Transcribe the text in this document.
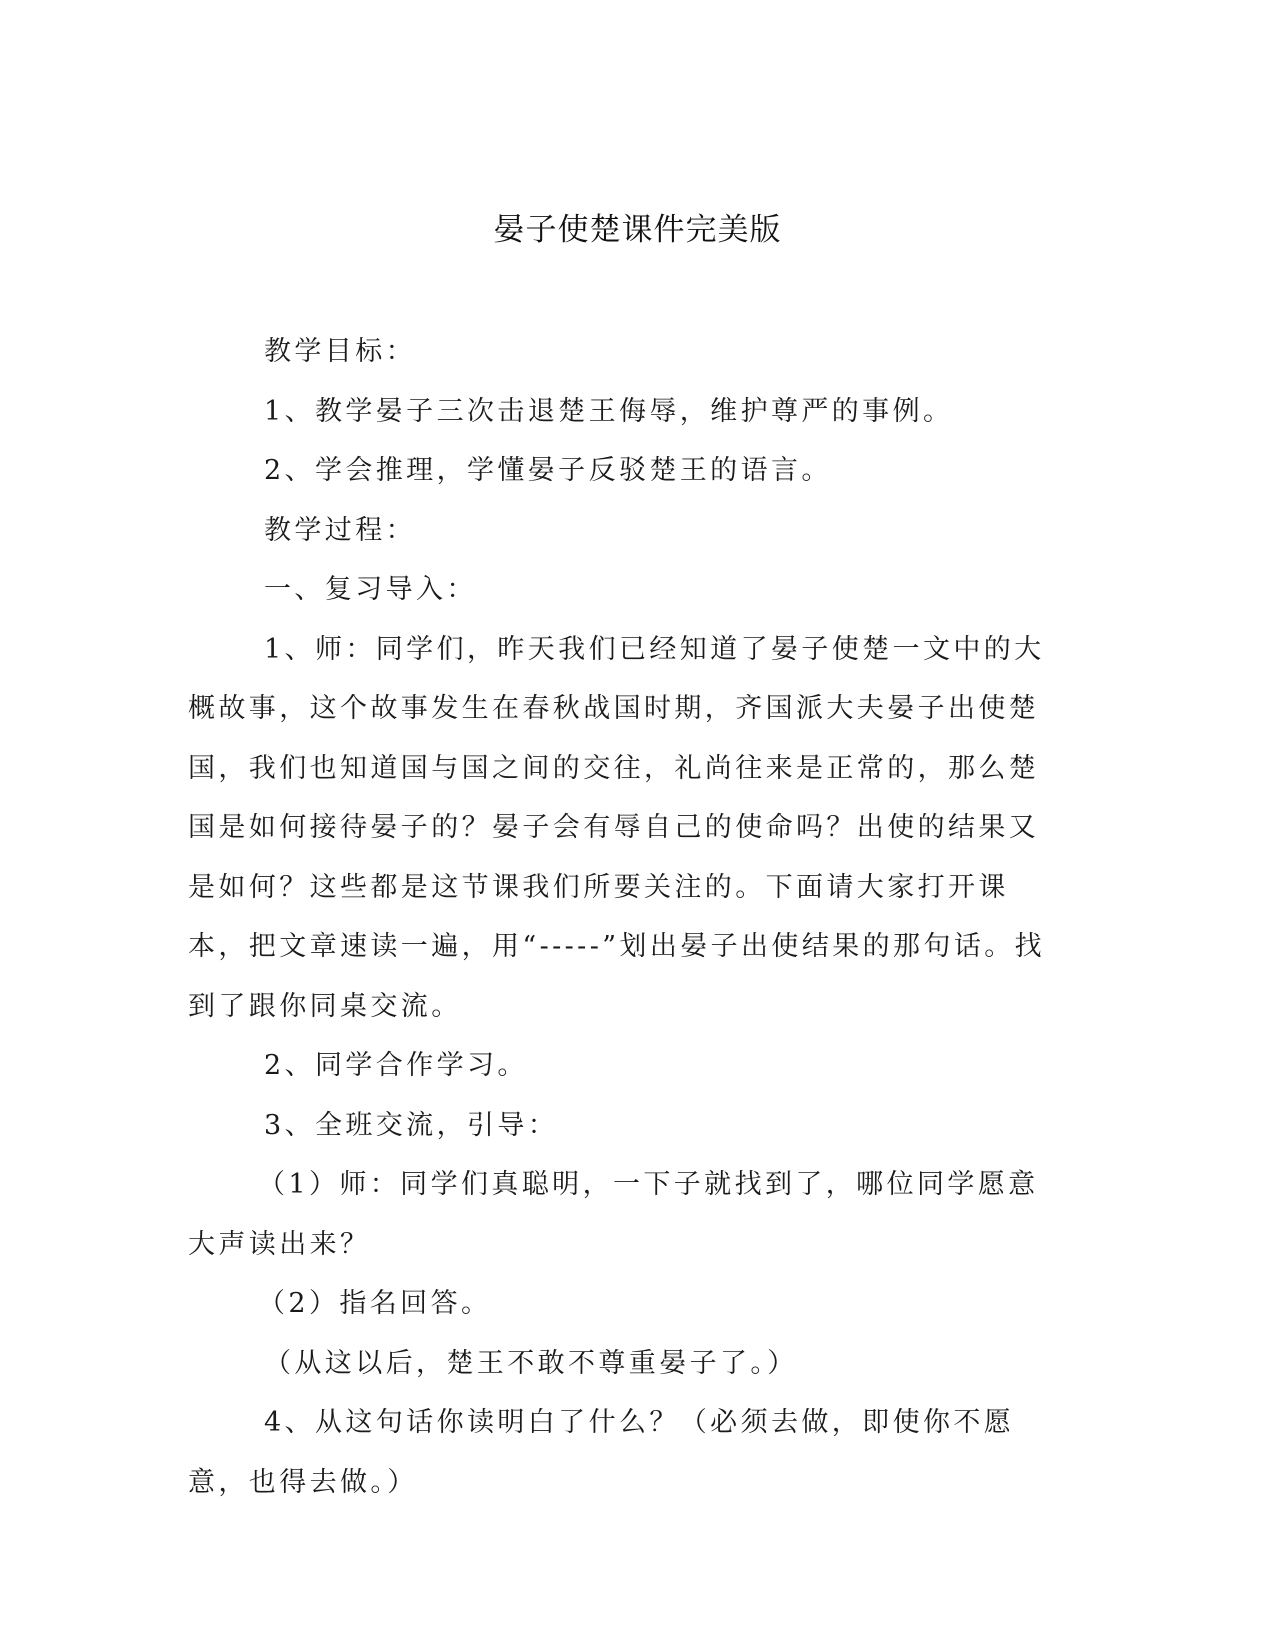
晏子使楚课件完美版

教学目标：

1、教学晏子三次击退楚王侮辱，维护尊严的事例。

2、学会推理，学懂晏子反驳楚王的语言。

教学过程：

一、复习导入：

1、师：同学们，昨天我们已经知道了晏子使楚一文中的大概故事，这个故事发生在春秋战国时期，齐国派大夫晏子出使楚国，我们也知道国与国之间的交往，礼尚往来是正常的，那么楚国是如何接待晏子的？晏子会有辱自己的使命吗？出使的结果又是如何？这些都是这节课我们所要关注的。下面请大家打开课本，把文章速读一遍，用“-----”划出晏子出使结果的那句话。找到了跟你同桌交流。

2、同学合作学习。

3、全班交流，引导：

（1）师：同学们真聪明，一下子就找到了，哪位同学愿意大声读出来？

（2）指名回答。

（从这以后，楚王不敢不尊重晏子了。）

4、从这句话你读明白了什么？（必须去做，即使你不愿意，也得去做。）
